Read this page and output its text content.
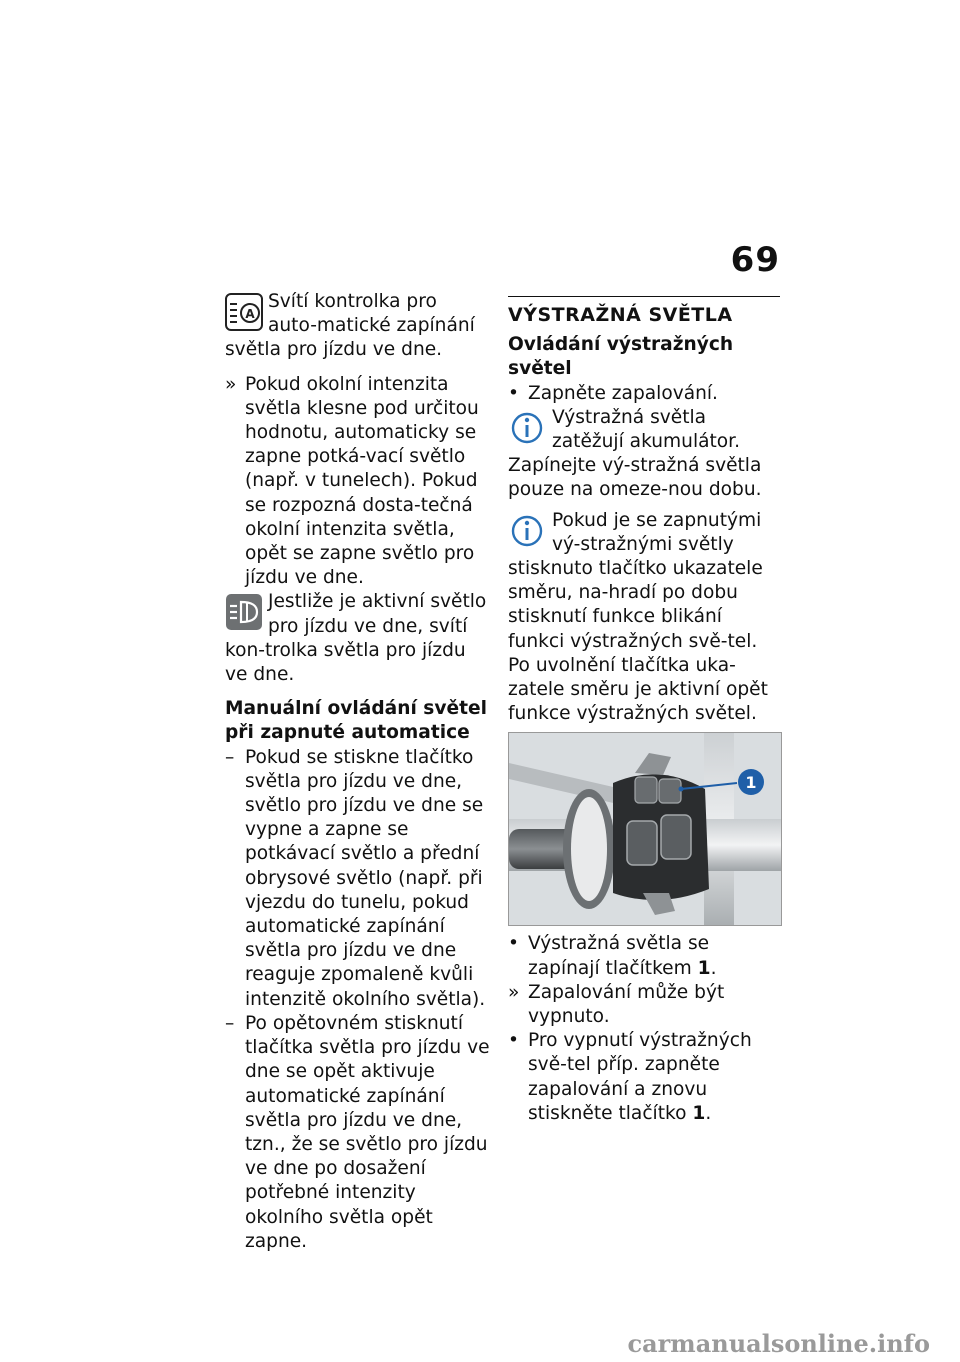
69
A

Svítí kontrolka pro auto-matické zapínání světla pro jízdu ve dne.

» Pokud okolní intenzita světla klesne pod určitou hodnotu, automaticky se zapne potká-vací světlo (např. v tunelech). Pokud se rozpozná dosta-tečná okolní intenzita světla, opět se zapne světlo pro jízdu ve dne.

Jestliže je aktivní světlo pro jízdu ve dne, svítí kon-trolka světla pro jízdu ve dne.

Manuální ovládání světel při zapnuté automatice

– Pokud se stiskne tlačítko světla pro jízdu ve dne, světlo pro jízdu ve dne se vypne a zapne se potkávací světlo a přední obrysové světlo (např. při vjezdu do tunelu, pokud automatické zapínání světla pro jízdu ve dne reaguje zpomaleně kvůli intenzitě okolního světla).

– Po opětovném stisknutí tlačítka světla pro jízdu ve dne se opět aktivuje automatické zapínání světla pro jízdu ve dne, tzn., že se světlo pro jízdu ve dne po dosažení potřebné intenzity okolního světla opět zapne.

VÝSTRAŽNÁ SVĚTLA

Ovládání výstražných světel

• Zapněte zapalování.

Výstražná světla zatěžují akumulátor. Zapínejte vý-stražná světla pouze na omeze-nou dobu.

Pokud je se zapnutými vý-stražnými světly stisknuto tlačítko ukazatele směru, na-hradí po dobu stisknutí funkce blikání funkci výstražných svě-tel. Po uvolnění tlačítka uka-zatele směru je aktivní opět funkce výstražných světel.

1
• Výstražná světla se zapínají tlačítkem 1.

» Zapalování může být vypnuto.

• Pro vypnutí výstražných svě-tel příp. zapněte zapalování a znovu stiskněte tlačítko 1.

carmanualsonline.info
